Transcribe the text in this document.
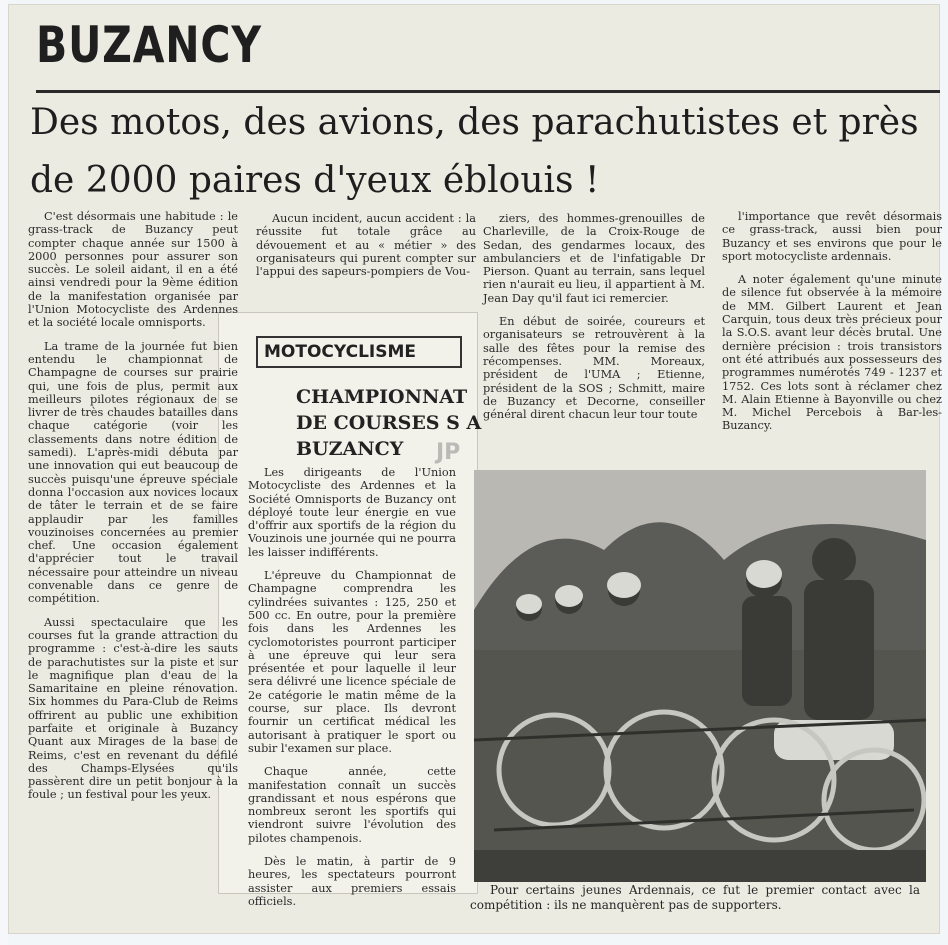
BUZANCY
Des motos, des avions, des parachutistes et près de 2000 paires d'yeux éblouis !

C'est désormais une habitude : le grass-track de Buzancy peut compter chaque année sur 1500 à 2000 personnes pour assurer son succès. Le soleil aidant, il en a été ainsi vendredi pour la 9ème édition de la manifestation organisée par l'Union Motocycliste des Ardennes et la société locale omnisports.

La trame de la journée fut bien entendu le championnat de Champagne de courses sur prairie qui, une fois de plus, permit aux meilleurs pilotes régionaux de se livrer de très chaudes batailles dans chaque catégorie (voir les classements dans notre édition de samedi). L'après-midi débuta par une innovation qui eut beaucoup de succès puisqu'une épreuve spéciale donna l'occasion aux novices locaux de tâter le terrain et de se faire applaudir par les familles vouzinoises concernées au premier chef. Une occasion également d'apprécier tout le travail nécessaire pour atteindre un niveau convenable dans ce genre de compétition.

Aussi spectaculaire que les courses fut la grande attraction du programme : c'est-à-dire les sauts de parachutistes sur la piste et sur le magnifique plan d'eau de la Samaritaine en pleine rénovation. Six hommes du Para-Club de Reims offrirent au public une exhibition parfaite et originale à Buzancy Quant aux Mirages de la base de Reims, c'est en revenant du défilé des Champs-Elysées qu'ils passèrent dire un petit bonjour à la foule ; un festival pour les yeux.

Aucun incident, aucun accident : la réussite fut totale grâce au dévouement et au « métier » des organisateurs qui purent compter sur l'appui des sapeurs-pompiers de Vou-

MOTOCYCLISME
CHAMPIONNAT DE COURSES S A BUZANCY

Les dirigeants de l'Union Motocycliste des Ardennes et la Société Omnisports de Buzancy ont déployé toute leur énergie en vue d'offrir aux sportifs de la région du Vouzinois une journée qui ne pourra les laisser indifférents.

L'épreuve du Championnat de Champagne comprendra les cylindrées suivantes : 125, 250 et 500 cc. En outre, pour la première fois dans les Ardennes les cyclomotoristes pourront participer à une épreuve qui leur sera présentée et pour laquelle il leur sera délivré une licence spéciale de 2e catégorie le matin même de la course, sur place. Ils devront fournir un certificat médical les autorisant à pratiquer le sport ou subir l'examen sur place.

Chaque année, cette manifestation connaît un succès grandissant et nous espérons que nombreux seront les sportifs qui viendront suivre l'évolution des pilotes champenois.

Dès le matin, à partir de 9 heures, les spectateurs pourront assister aux premiers essais officiels.

ziers, des hommes-grenouilles de Charleville, de la Croix-Rouge de Sedan, des gendarmes locaux, des ambulanciers et de l'infatigable Dr Pierson. Quant au terrain, sans lequel rien n'aurait eu lieu, il appartient à M. Jean Day qu'il faut ici remercier.

En début de soirée, coureurs et organisateurs se retrouvèrent à la salle des fêtes pour la remise des récompenses. MM. Moreaux, président de l'UMA ; Etienne, président de la SOS ; Schmitt, maire de Buzancy et Decorne, conseiller général dirent chacun leur tour toute

l'importance que revêt désormais ce grass-track, aussi bien pour Buzancy et ses environs que pour le sport motocycliste ardennais.

A noter également qu'une minute de silence fut observée à la mémoire de MM. Gilbert Laurent et Jean Carquin, tous deux très précieux pour la S.O.S. avant leur décès brutal. Une dernière précision : trois transistors ont été attribués aux possesseurs des programmes numérotés 749 - 1237 et 1752. Ces lots sont à réclamer chez M. Alain Etienne à Bayonville ou chez M. Michel Percebois à Bar-les-Buzancy.

Pour certains jeunes Ardennais, ce fut le premier contact avec la compétition : ils ne manquèrent pas de supporters.
JP
